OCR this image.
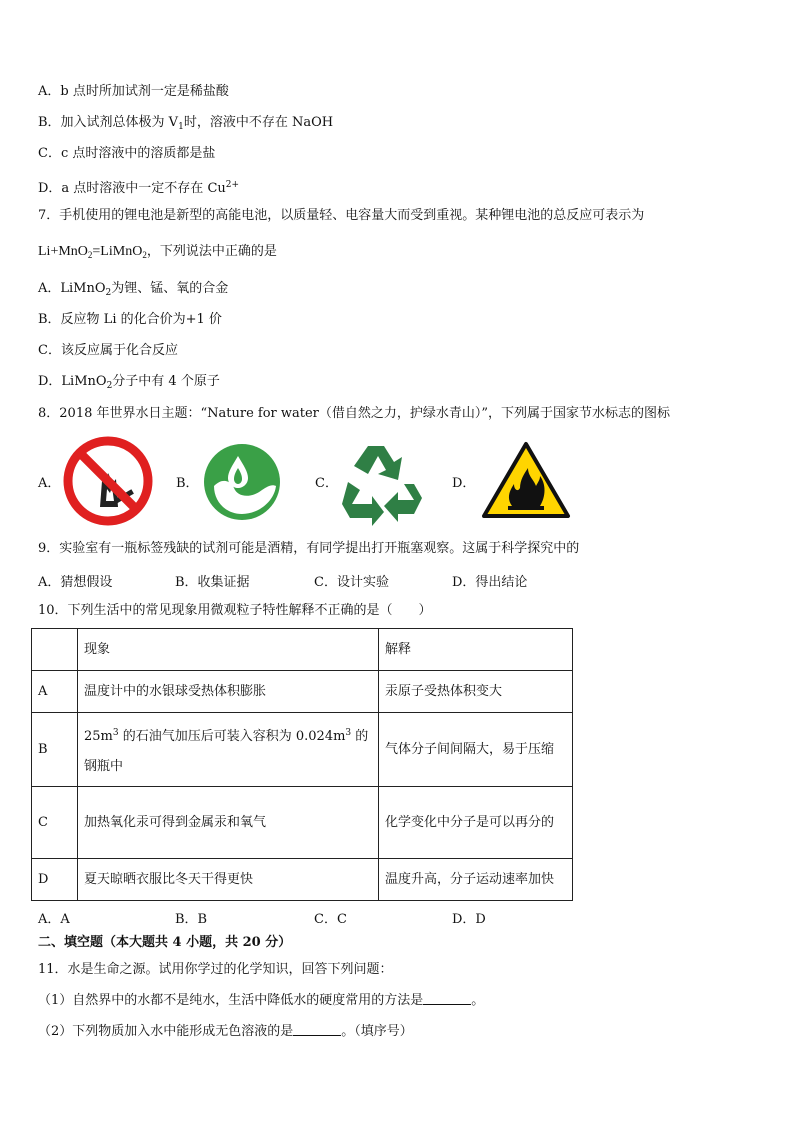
A．b 点时所加试剂一定是稀盐酸
B．加入试剂总体极为 $V_1$时，溶液中不存在 NaOH
C．c 点时溶液中的溶质都是盐
D．a 点时溶液中一定不存在 $Cu^{2+}$
7．手机使用的锂电池是新型的高能电池，以质量轻、电容量大而受到重视。某种锂电池的总反应可表示为
Li+MnO$_2$=LiMnO$_2$，下列说法中正确的是
A．LiMnO$_2$为锂、锰、氧的合金
B．反应物 Li 的化合价为+1 价
C．该反应属于化合反应
D．LiMnO$_2$分子中有 4 个原子
8．2018 年世界水日主题：“Nature for water（借自然之力，护绿水青山）”，下列属于国家节水标志的图标
A．	B．	C．	D．
9．实验室有一瓶标签残缺的试剂可能是酒精，有同学提出打开瓶塞观察。这属于科学探究中的
A．猜想假设	B．收集证据	C．设计实验	D．得出结论
10．下列生活中的常见现象用微观粒子特性解释不正确的是（　　）
	现象	解释
A	温度计中的水银球受热体积膨胀	汞原子受热体积变大
B	$25m^3$ 的石油气加压后可装入容积为 $0.024m^3$ 的钢瓶中	气体分子间间隔大，易于压缩
C	加热氧化汞可得到金属汞和氧气	化学变化中分子是可以再分的
D	夏天晾晒衣服比冬天干得更快	温度升高，分子运动速率加快
A．A	B．B	C．C	D．D
二、填空题（本大题共 4 小题，共 20 分）
11．水是生命之源。试用你学过的化学知识，回答下列问题：
（1）自然界中的水都不是纯水，生活中降低水的硬度常用的方法是	。
（2）下列物质加入水中能形成无色溶液的是	。（填序号）
